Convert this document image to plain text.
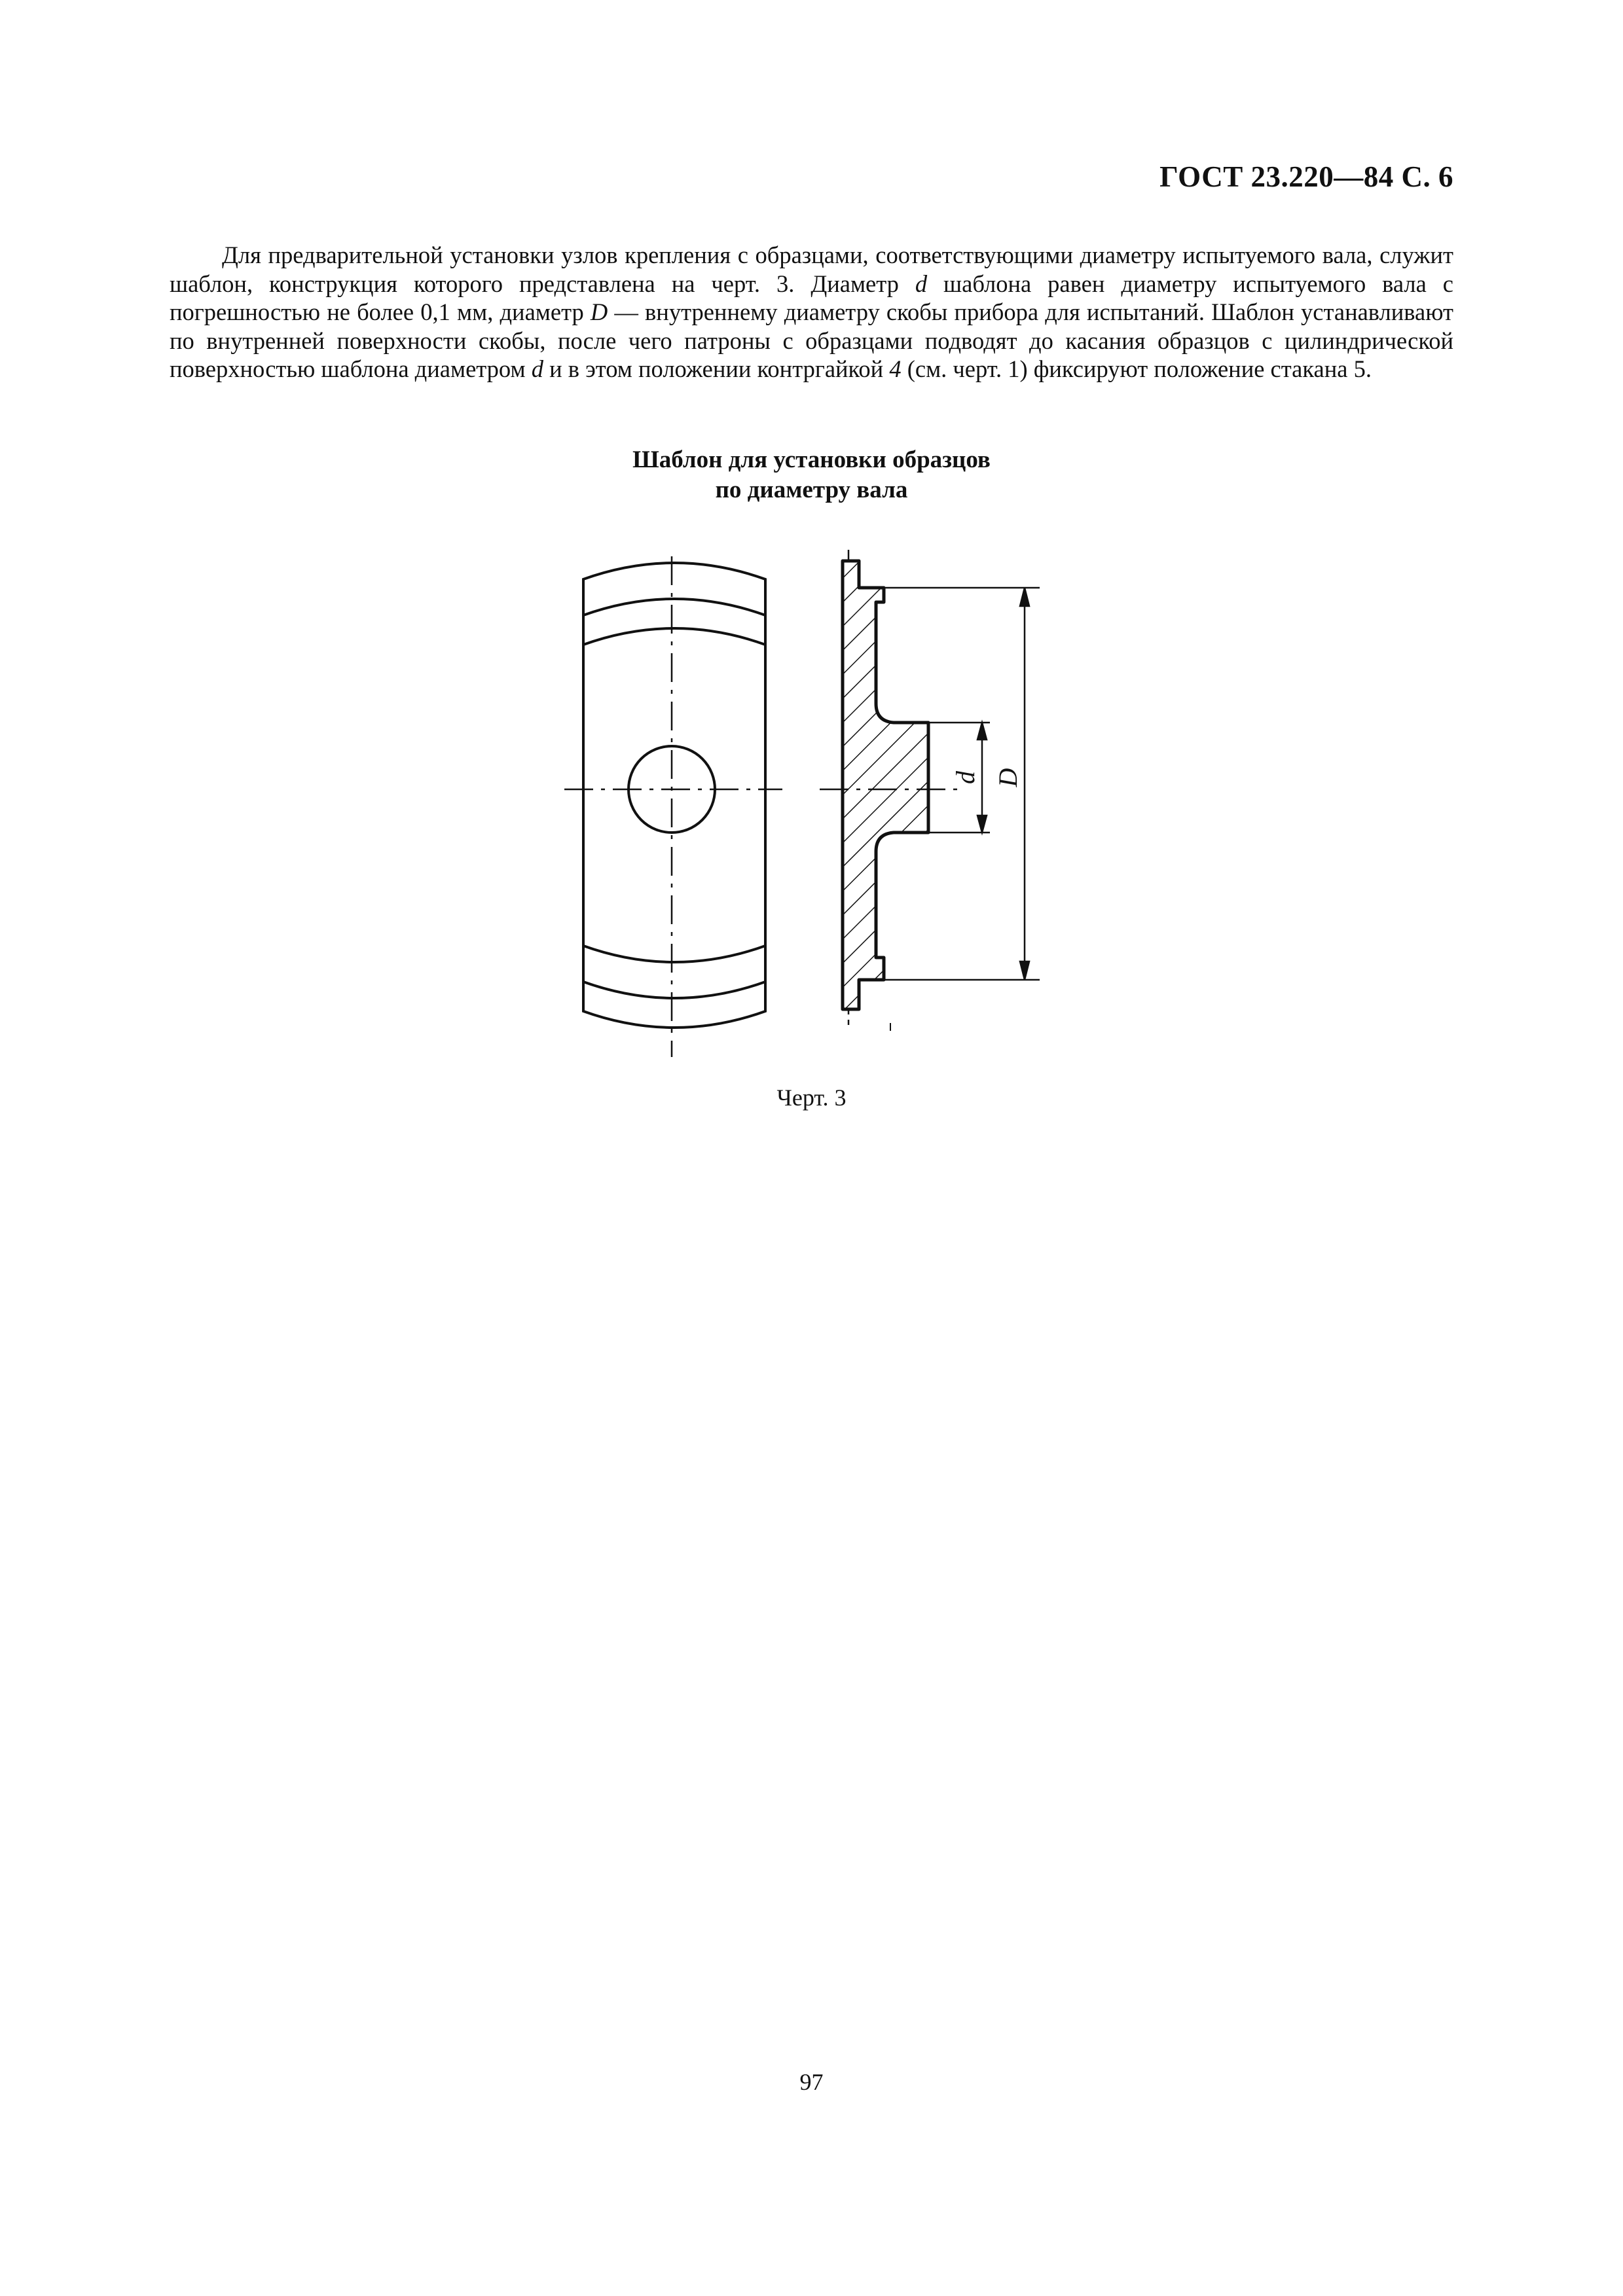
ГОСТ 23.220—84 С. 6

Для предварительной установки узлов крепления с образцами, соответствующими диаметру испытуемого вала, служит шаблон, конструкция которого представлена на черт. 3. Диаметр d шаблона равен диаметру испытуемого вала с погрешностью не более 0,1 мм, диаметр D — внутреннему диаметру скобы прибора для испытаний. Шаблон устанавливают по внутренней поверхности скобы, после чего патроны с образцами подводят до касания образцов с цилиндрической поверхностью шаблона диаметром d и в этом положении контргайкой 4 (см. черт. 1) фиксируют положение стакана 5.

Шаблон для установки образцов
по диаметру вала
d D
Черт. 3
97
